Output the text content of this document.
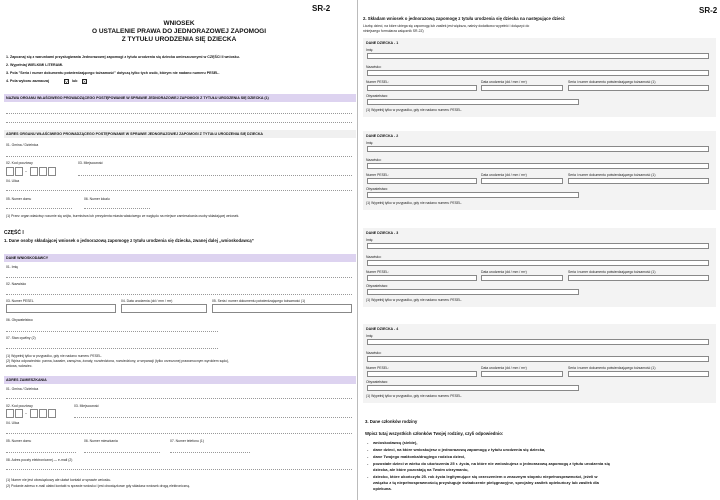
SR-2
WNIOSEK
O USTALENIE PRAWA DO JEDNORAZOWEJ ZAPOMOGI
Z TYTUŁU URODZENIA SIĘ DZIECKA
1. Zapoznaj się z warunkami przysługiwania Jednorazowej zapomogi z tytułu urodzenia się dziecka umieszczonymi w CZĘŚCI II wniosku.
2. Wypełniaj WIELKIMI LITERAMI.
3. Pola "Seria i numer dokumentu potwierdzającego tożsamość" dotyczą tylko tych osób, którym nie nadano numeru PESEL.
4. Pola wyboru zaznaczaj	V	lub X
NAZWA ORGANU WŁAŚCIWEGO PROWADZĄCEGO POSTĘPOWANIE W SPRAWIE JEDNORAZOWEJ ZAPOMOGI Z TYTUŁU URODZENIA SIĘ DZIECKA (1)
ADRES ORGANU WŁAŚCIWEGO PROWADZĄCEGO POSTĘPOWANIE W SPRAWIE JEDNORAZOWEJ ZAPOMOGI Z TYTUŁU URODZENIA SIĘ DZIECKA
01. Gmina / Dzielnica
02. Kod pocztowy
–
03. Miejscowość
04. Ulica
05. Numer domu	06. Numer lokalu
(1) Przez organ właściwy rozumie się wójta, burmistrza lub prezydenta miasta właściwego ze względu na miejsce zamieszkania osoby składającej wniosek.
CZĘŚĆ I
1. Dane osoby składającej wniosek o jednorazową zapomogę z tytułu urodzenia się dziecka, zwanej dalej „wnioskodawcą”
DANE WNIOSKODAWCY
01. Imię
02. Nazwisko
03. Numer PESEL	04. Data urodzenia (dd / mm / rrrr)	05. Seria i numer dokumentu potwierdzającego tożsamość (1)
06. Obywatelstwo
07. Stan cywilny (2)
(1) Wypełnij tylko w przypadku, gdy nie nadano numeru PESEL.
(2) Wpisz odpowiednio: panna, kawaler, zamężna, żonaty, rozwiedziona, rozwiedziony, w separacji (tylko orzeczonej prawomocnym wyrokiem sądu),
wdowa, wdowiec.
ADRES ZAMIESZKANIA
01. Gmina / Dzielnica
02. Kod pocztowy
–
03. Miejscowość
04. Ulica
05. Numer domu	06. Numer mieszkania	07. Numer telefonu (1)
08. Adres poczty elektronicznej — e-mail (2)
(1) Numer nie jest obowiązkowy ale ułatwi kontakt w sprawie wniosku.
(2) Podanie adresu e-mail ułatwi kontakt w sprawie wniosku i jest obowiązkowe gdy składasz wniosek drogą elektroniczną.
SR-2
2. Składam wniosek o jednorazową zapomogę z tytułu urodzenia się dziecka na następujące dzieci:
Liczbę dzieci, na które ubiega się zapomogę lub zasiłek jest większa, należy dodatkowo wypełnić i dołączyć do
niniejszego formularza załącznik SR-2Z)
DANE DZIECKA - 1
Imię:
Nazwisko:
Numer PESEL:	Data urodzenia (dd / mm / rrrr)	Seria i numer dokumentu potwierdzającego tożsamość (1)
Obywatelstwo:
(1) Wypełnij tylko w przypadku, gdy nie nadano numeru PESEL.
DANE DZIECKA - 2
Imię:
Nazwisko:
Numer PESEL:	Data urodzenia (dd / mm / rrrr)	Seria i numer dokumentu potwierdzającego tożsamość (1)
Obywatelstwo:
(1) Wypełnij tylko w przypadku, gdy nie nadano numeru PESEL.
DANE DZIECKA - 3
Imię:
Nazwisko:
Numer PESEL:	Data urodzenia (dd / mm / rrrr)	Seria i numer dokumentu potwierdzającego tożsamość (1)
Obywatelstwo:
(1) Wypełnij tylko w przypadku, gdy nie nadano numeru PESEL.
DANE DZIECKA - 4
Imię:
Nazwisko:
Numer PESEL:	Data urodzenia (dd / mm / rrrr)	Seria i numer dokumentu potwierdzającego tożsamość (1)
Obywatelstwo:
(1) Wypełnij tylko w przypadku, gdy nie nadano numeru PESEL.
3. Dane członków rodziny
Wpisz tutaj wszystkich członków Twojej rodziny, czyli odpowiednio:
- wnioskodawcę (siebie),
- dane dzieci, na które wnioskujesz o jednorazową zapomogę z tytułu urodzenia się dziecka,
- dane Twojego małżonka/drugiego rodzica dzieci,
- pozostałe dzieci w wieku do ukończenia 25 r. życia, na które nie wnioskujesz o jednorazową zapomogę z tytułu urodzenia się
dziecka, ale które pozostają na Twoim utrzymaniu,
- dziecko, które ukończyło 25. rok życia legitymujące się orzeczeniem o znacznym stopniu niepełnosprawności, jeżeli w
związku z tą niepełnosprawnością przysługuje świadczenie pielęgnacyjne, specjalny zasiłek opiekuńczy lub zasiłek dla
opiekuna.
